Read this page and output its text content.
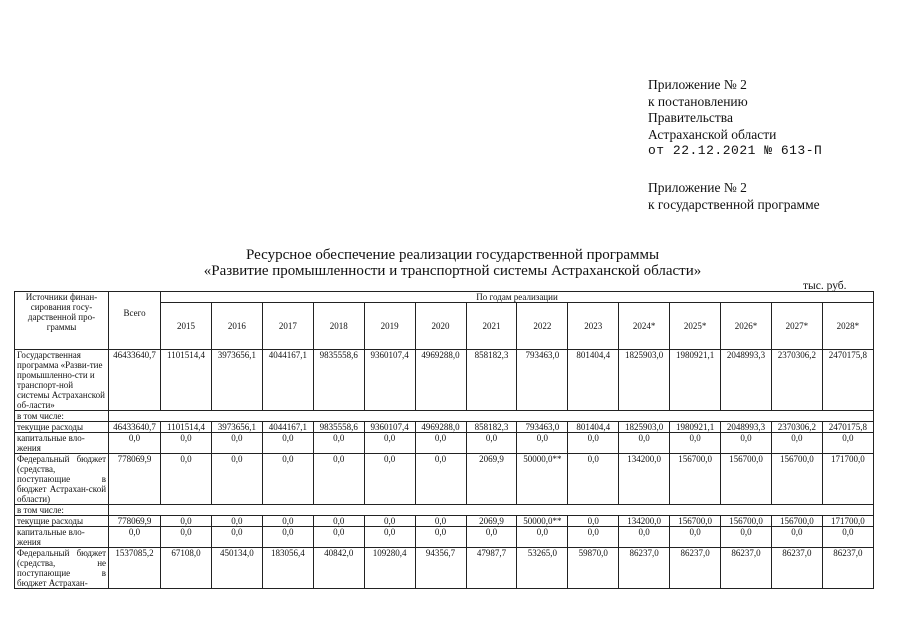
Приложение № 2
к постановлению
Правительства
Астраханской области
от 22.12.2021 № 613-П
Приложение № 2
к государственной программе
Ресурсное обеспечение реализации государственной программы
«Развитие промышленности и транспортной системы Астраханской области»
тыс. руб.
Источники финан-сирования госу-дарственной про-граммы	Всего	По годам реализации													
		2015	2016	2017	2018	2019	2020	2021	2022	2023	2024*	2025*	2026*	2027*	2028*
Государственная программа «Разви-тие промышленно-сти и транспорт-ной системы Астраханской об-ласти»	46433640,7	1101514,4	3973656,1	4044167,1	9835558,6	9360107,4	4969288,0	858182,3	793463,0	801404,4	1825903,0	1980921,1	2048993,3	2370306,2	2470175,8
в том числе:															
текущие расходы	46433640,7	1101514,4	3973656,1	4044167,1	9835558,6	9360107,4	4969288,0	858182,3	793463,0	801404,4	1825903,0	1980921,1	2048993,3	2370306,2	2470175,8
капитальные вло-жения	0,0	0,0	0,0	0,0	0,0	0,0	0,0	0,0	0,0	0,0	0,0	0,0	0,0	0,0	0,0
Федеральный бюджет (средства, поступающие в бюджет Астрахан-ской области)	778069,9	0,0	0,0	0,0	0,0	0,0	0,0	2069,9	50000,0**	0,0	134200,0	156700,0	156700,0	156700,0	171700,0
в том числе:															
текущие расходы	778069,9	0,0	0,0	0,0	0,0	0,0	0,0	2069,9	50000,0**	0,0	134200,0	156700,0	156700,0	156700,0	171700,0
капитальные вло-жения	0,0	0,0	0,0	0,0	0,0	0,0	0,0	0,0	0,0	0,0	0,0	0,0	0,0	0,0	0,0
Федеральный бюджет (средства, не поступающие в бюджет Астрахан-	1537085,2	67108,0	450134,0	183056,4	40842,0	109280,4	94356,7	47987,7	53265,0	59870,0	86237,0	86237,0	86237,0	86237,0	86237,0
